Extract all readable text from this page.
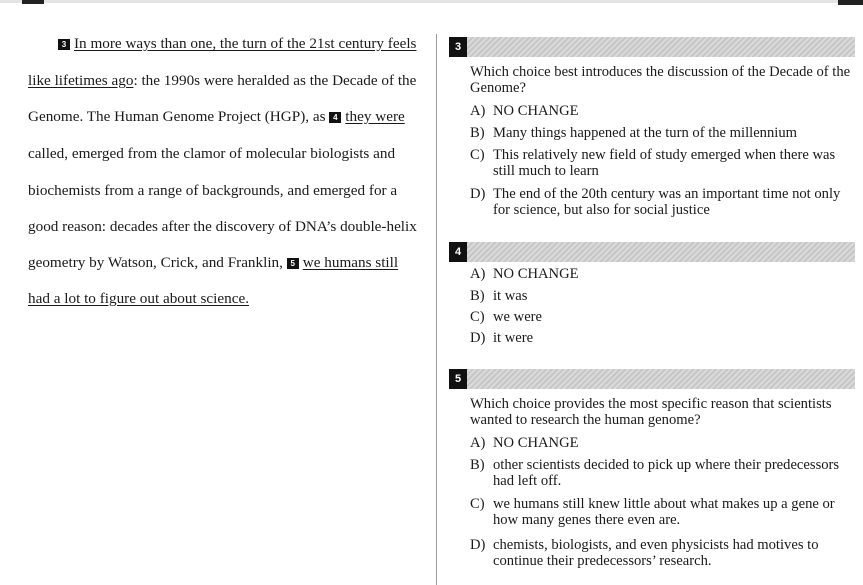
3 In more ways than one, the turn of the 21st century feels
like lifetimes ago: the 1990s were heralded as the Decade of the
Genome. The Human Genome Project (HGP), as 4 they were
called, emerged from the clamor of molecular biologists and
biochemists from a range of backgrounds, and emerged for a
good reason: decades after the discovery of DNA’s double-helix
geometry by Watson, Crick, and Franklin, 5 we humans still
had a lot to figure out about science.
3
Which choice best introduces the discussion of the Decade of the Genome?
A) NO CHANGE
B) Many things happened at the turn of the millennium
C) This relatively new field of study emerged when there was still much to learn
D) The end of the 20th century was an important time not only for science, but also for social justice
4
A) NO CHANGE
B) it was
C) we were
D) it were
5
Which choice provides the most specific reason that scientists wanted to research the human genome?
A) NO CHANGE
B) other scientists decided to pick up where their predecessors had left off.
C) we humans still knew little about what makes up a gene or how many genes there even are.
D) chemists, biologists, and even physicists had motives to continue their predecessors’ research.
